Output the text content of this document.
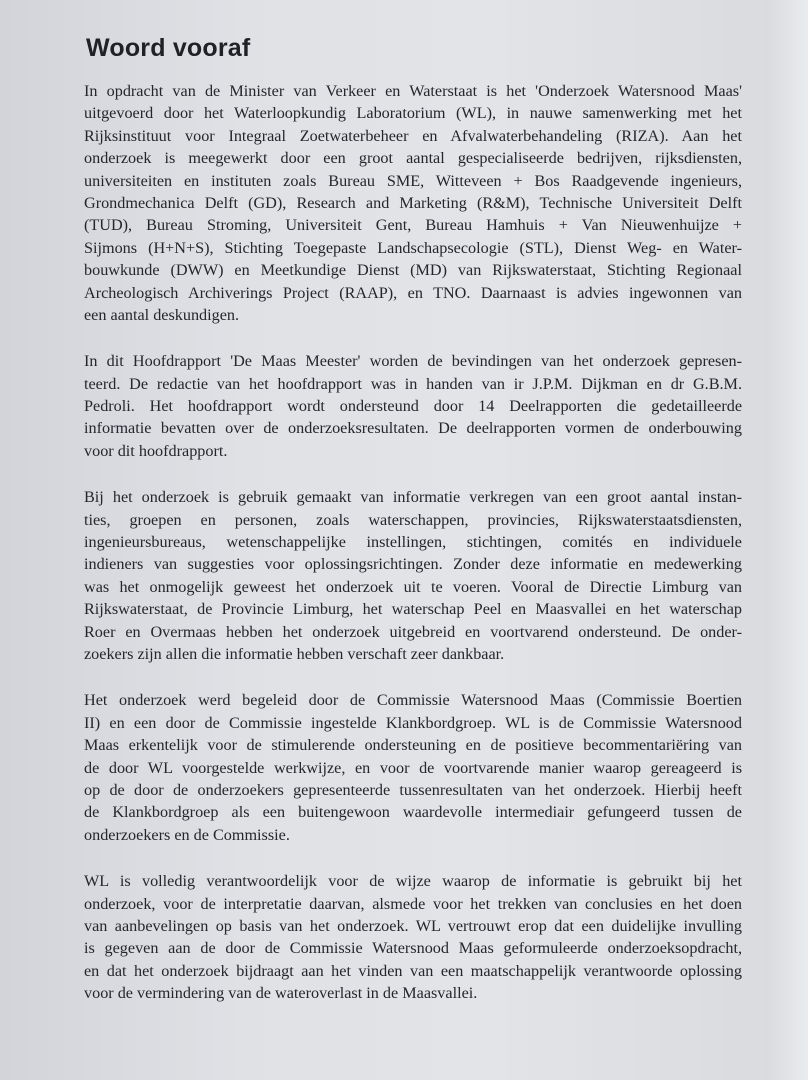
Woord vooraf

In opdracht van de Minister van Verkeer en Waterstaat is het 'Onderzoek Watersnood Maas'
uitgevoerd door het Waterloopkundig Laboratorium (WL), in nauwe samenwerking met het
Rijksinstituut voor Integraal Zoetwaterbeheer en Afvalwaterbehandeling (RIZA). Aan het
onderzoek is meegewerkt door een groot aantal gespecialiseerde bedrijven, rijksdiensten,
universiteiten en instituten zoals Bureau SME, Witteveen + Bos Raadgevende ingenieurs,
Grondmechanica Delft (GD), Research and Marketing (R&M), Technische Universiteit Delft
(TUD), Bureau Stroming, Universiteit Gent, Bureau Hamhuis + Van Nieuwenhuijze +
Sijmons (H+N+S), Stichting Toegepaste Landschapsecologie (STL), Dienst Weg- en Water-
bouwkunde (DWW) en Meetkundige Dienst (MD) van Rijkswaterstaat, Stichting Regionaal
Archeologisch Archiverings Project (RAAP), en TNO. Daarnaast is advies ingewonnen van
een aantal deskundigen.

In dit Hoofdrapport 'De Maas Meester' worden de bevindingen van het onderzoek gepresen-
teerd. De redactie van het hoofdrapport was in handen van ir J.P.M. Dijkman en dr G.B.M.
Pedroli. Het hoofdrapport wordt ondersteund door 14 Deelrapporten die gedetailleerde
informatie bevatten over de onderzoeksresultaten. De deelrapporten vormen de onderbouwing
voor dit hoofdrapport.

Bij het onderzoek is gebruik gemaakt van informatie verkregen van een groot aantal instan-
ties, groepen en personen, zoals waterschappen, provincies, Rijkswaterstaatsdiensten,
ingenieursbureaus, wetenschappelijke instellingen, stichtingen, comités en individuele
indieners van suggesties voor oplossingsrichtingen. Zonder deze informatie en medewerking
was het onmogelijk geweest het onderzoek uit te voeren. Vooral de Directie Limburg van
Rijkswaterstaat, de Provincie Limburg, het waterschap Peel en Maasvallei en het waterschap
Roer en Overmaas hebben het onderzoek uitgebreid en voortvarend ondersteund. De onder-
zoekers zijn allen die informatie hebben verschaft zeer dankbaar.

Het onderzoek werd begeleid door de Commissie Watersnood Maas (Commissie Boertien
II) en een door de Commissie ingestelde Klankbordgroep. WL is de Commissie Watersnood
Maas erkentelijk voor de stimulerende ondersteuning en de positieve becommentariëring van
de door WL voorgestelde werkwijze, en voor de voortvarende manier waarop gereageerd is
op de door de onderzoekers gepresenteerde tussenresultaten van het onderzoek. Hierbij heeft
de Klankbordgroep als een buitengewoon waardevolle intermediair gefungeerd tussen de
onderzoekers en de Commissie.

WL is volledig verantwoordelijk voor de wijze waarop de informatie is gebruikt bij het
onderzoek, voor de interpretatie daarvan, alsmede voor het trekken van conclusies en het doen
van aanbevelingen op basis van het onderzoek. WL vertrouwt erop dat een duidelijke invulling
is gegeven aan de door de Commissie Watersnood Maas geformuleerde onderzoeksopdracht,
en dat het onderzoek bijdraagt aan het vinden van een maatschappelijk verantwoorde oplossing
voor de vermindering van de wateroverlast in de Maasvallei.
